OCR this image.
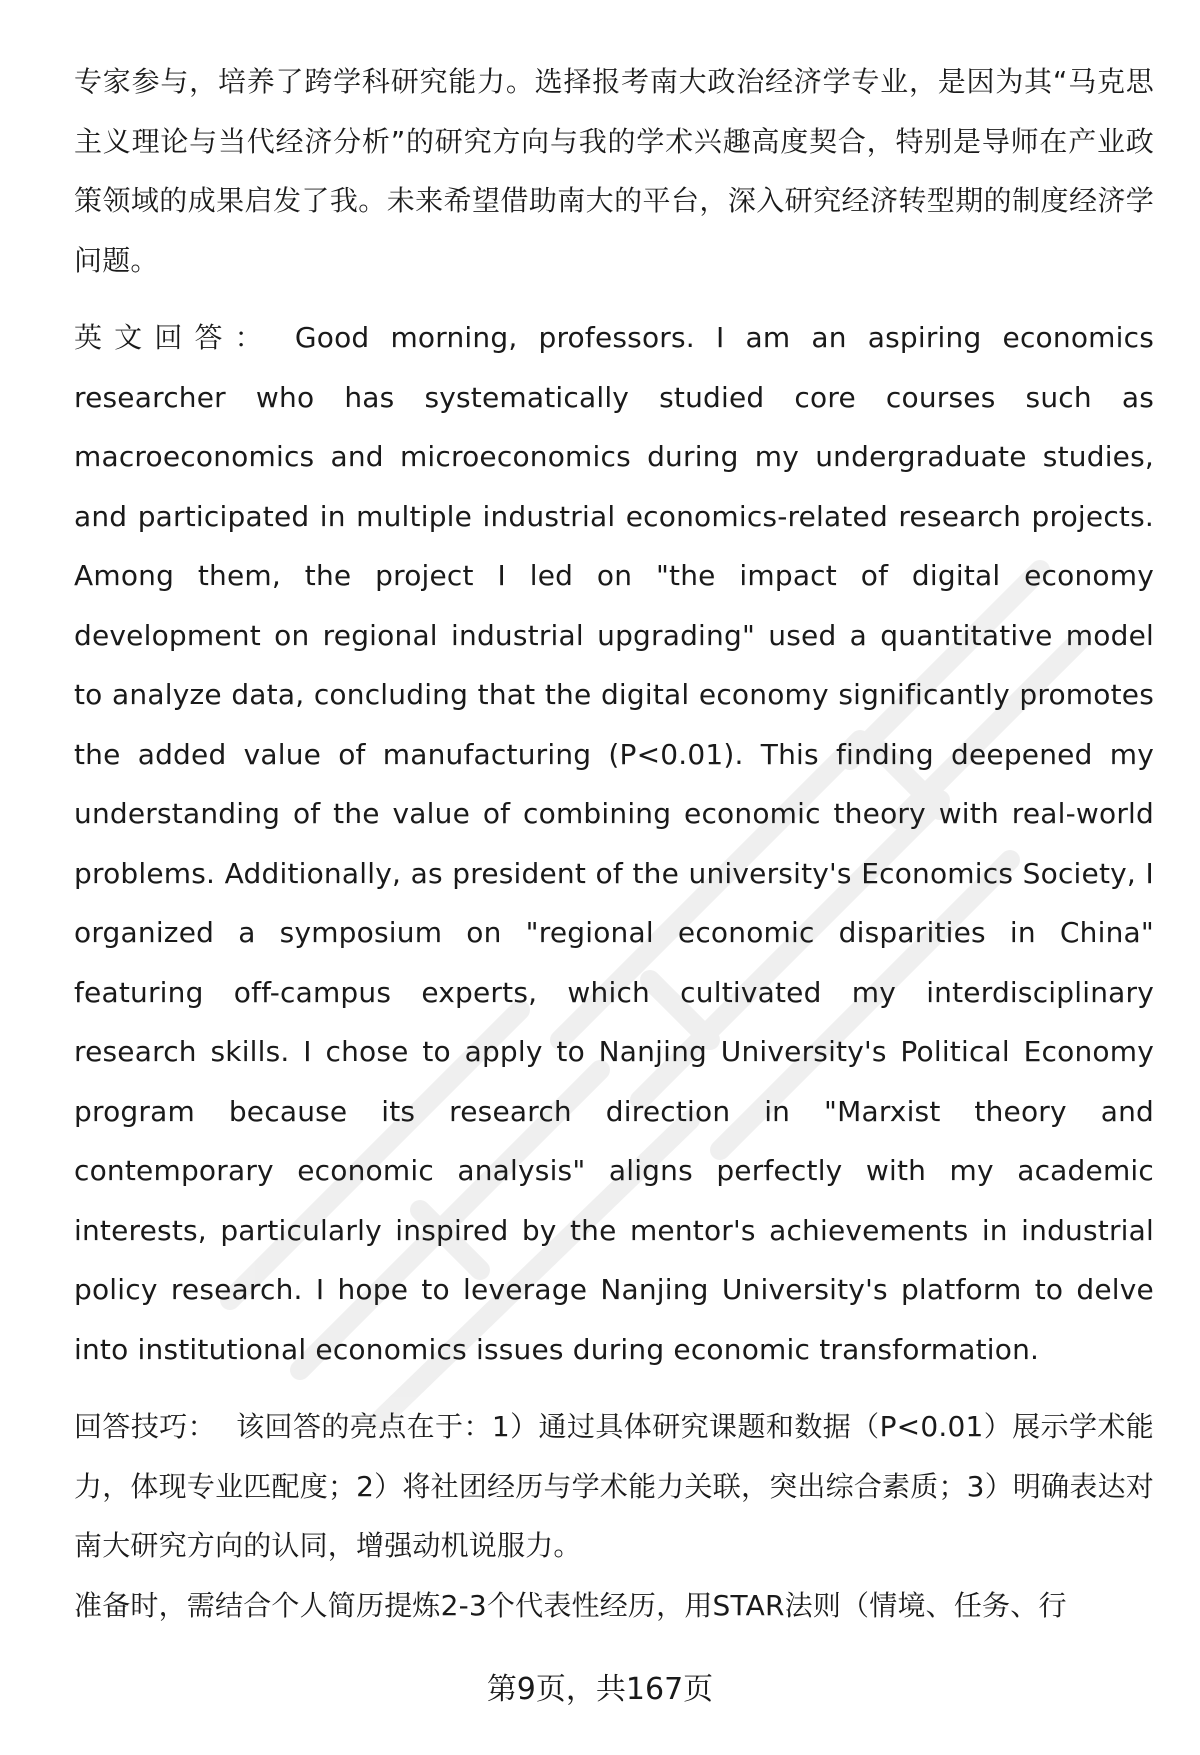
专家参与，培养了跨学科研究能力。选择报考南大政治经济学专业，是因为其“马克思主义理论与当代经济分析”的研究方向与我的学术兴趣高度契合，特别是导师在产业政策领域的成果启发了我。未来希望借助南大的平台，深入研究经济转型期的制度经济学问题。

英文回答： Good morning, professors. I am an aspiring economics researcher who has systematically studied core courses such as macroeconomics and microeconomics during my undergraduate studies, and participated in multiple industrial economics-related research projects. Among them, the project I led on "the impact of digital economy development on regional industrial upgrading" used a quantitative model to analyze data, concluding that the digital economy significantly promotes the added value of manufacturing (P<0.01). This finding deepened my understanding of the value of combining economic theory with real-world problems. Additionally, as president of the university's Economics Society, I organized a symposium on "regional economic disparities in China" featuring off-campus experts, which cultivated my interdisciplinary research skills. I chose to apply to Nanjing University's Political Economy program because its research direction in "Marxist theory and contemporary economic analysis" aligns perfectly with my academic interests, particularly inspired by the mentor's achievements in industrial policy research. I hope to leverage Nanjing University's platform to delve into institutional economics issues during economic transformation.

回答技巧： 该回答的亮点在于：1）通过具体研究课题和数据（P<0.01）展示学术能力，体现专业匹配度；2）将社团经历与学术能力关联，突出综合素质；3）明确表达对南大研究方向的认同，增强动机说服力。

准备时，需结合个人简历提炼2-3个代表性经历，用STAR法则（情境、任务、行

第9页，共167页
